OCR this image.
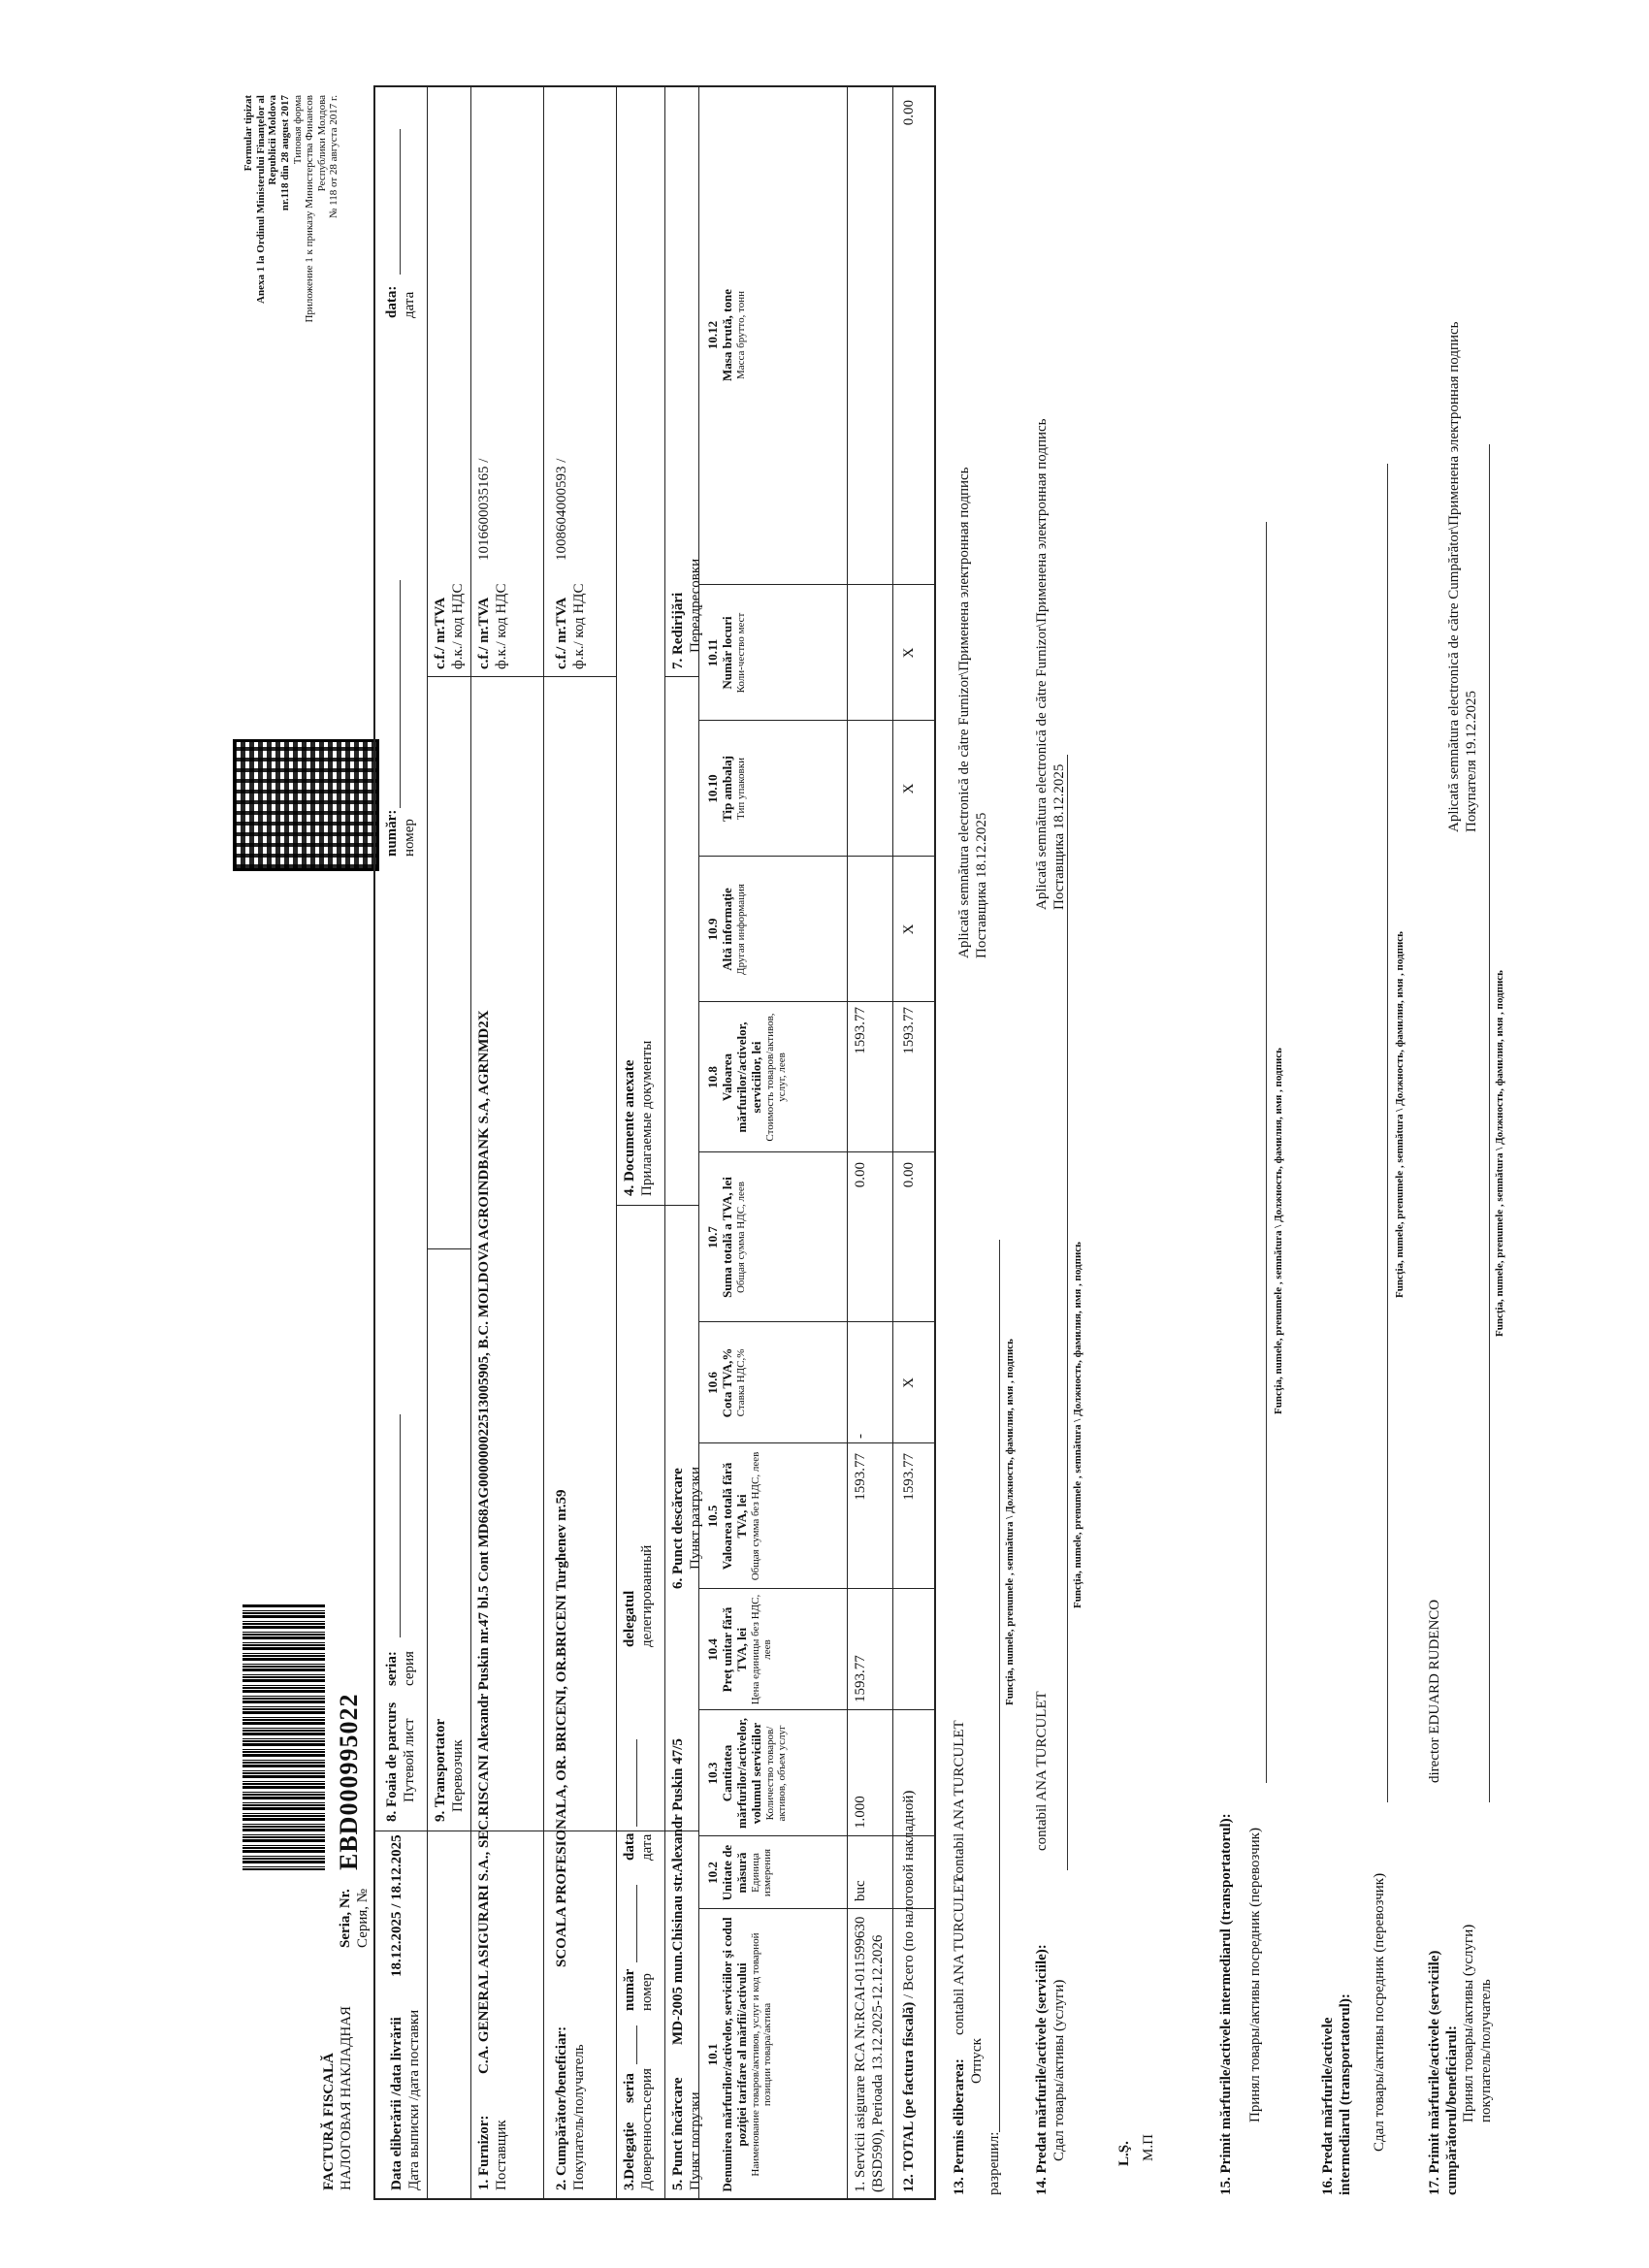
FACTURĂ FISCALĂ НАЛОГОВАЯ НАКЛАДНАЯ
Seria, Nr. Серия, №
EBD000995022
Formular tipizat Anexa 1 la Ordinul Ministerului Finanţelor al Republicii Moldova nr.118 din 28 august 2017 Типовая форма Приложение 1 к приказу Министерства Финансов Республики Молдова № 118 от 28 августа 2017 г.
Data eliberării /data livrării Дата выписки /дата поставки
18.12.2025 / 18.12.2025
8. Foaia de parcurs Путевой лист
seria: серия
număr: номер
data: дата
9. Transportator Перевозчик
c.f./ nr.TVA ф.к./ код НДС
1. Furnizor: Поставщик
C.A. GENERAL ASIGURARI S.A., SEC.RISCANI Alexandr Puskin nr.47 bl.5 Cont MD68AG000000022513005905, B.C. MOLDOVA AGROINDBANK S.A, AGRNMD2X
c.f./ nr.TVA ф.к./ код НДС
1016600035165 /
2. Cumpărător/beneficiar: Покупатель/получатель
SCOALA PROFESIONALA, OR. BRICENI, OR.BRICENI Turghenev nr.59
c.f./ nr.TVA ф.к./ код НДС
1008604000593 /
3.Delegaţie Доверенность
seria серия
număr номер
data дата
delegatul делегированный
4. Documente anexate Прилагаемые документы
5. Punct încărcare Пункт погрузки
MD-2005 mun.Chisinau str.Alexandr Puskin 47/5
6. Punct descărcare Пункт разгрузки
7. Redirijări Переадресовки
10.1 Denumirea mărfurilor/activelor, serviciilor şi codul poziţiei tarifare al mărfii/activului Наименование товаров/активов, услуг и код товарной позиции товара/актива
10.2 Unitate de măsură Единица измерения
10.3 Cantitatea mărfurilor/activelor, volumul serviciilor Количество товаров/активов, объем услуг
10.4 Preţ unitar fără TVA, lei Цена единицы без НДС, леев
10.5 Valoarea totală fără TVA, lei Общая сумма без НДС, леев
10.6 Cota TVA,% Ставка НДС,%
10.7 Suma totală a TVA, lei Общая сумма НДС, леев
10.8 Valoarea mărfurilor/activelor, serviciilor, lei Стоимость товаров/активов, услуг, леев
10.9 Altă informaţie Другая информация
10.10 Tip ambalaj Тип упаковки
10.11 Număr locuri Коли-чество мест
10.12 Masa brută, tone Масса брутто, тонн
1. Servicii asigurare RCA Nr.RCAI-011599630 (BSD590), Perioada 13.12.2025-12.12.2026
buc
1.000
1593.77
1593.77
-
0.00
1593.77
12. TOTAL (pe factura fiscală) / Всего (по налоговой накладной)
1593.77
X
0.00
1593.77
X
X
X
0.00
13. Permis eliberarea:
contabil ANA TURCULET
contabil ANA TURCULET
Отпуск
разрешил:
Funcţia, numele, prenumele , semnătura \ Должность, фамилия, имя , подпись
Aplicată semnătura electronică de către Furnizor\Применена электронная подпись Поставщика 18.12.2025
14. Predat mărfurile/activele (serviciile): Сдал товары/активы (услуги)
contabil ANA TURCULET
Funcţia, numele, prenumele , semnătura \ Должность, фамилия, имя , подпись
Aplicată semnătura electronică de către Furnizor\Применена электронная подпись Поставщика 18.12.2025
L.Ş. М.П	15. Primit mărfurile/activele intermediarul (transportatorul): Принял товары/активы посредник (перевозчик)
Funcţia, numele, prenumele , semnătura \ Должность, фамилия, имя , подпись
16. Predat mărfurile/activele intermediarul (transportatorul): Сдал товары/активы посредник (перевозчик)
Funcţia, numele, prenumele , semnătura \ Должность, фамилия, имя , подпись
17. Primit mărfurile/activele (serviciile) cumpărătorul/beneficiarul: Принял товары/активы (услуги) покупатель/получатель
director EDUARD RUDENCO
Funcţia, numele, prenumele , semnătura \ Должность, фамилия, имя , подпись
Aplicată semnătura electronică de către Cumpărător\Применена электронная подпись Покупателя 19.12.2025
